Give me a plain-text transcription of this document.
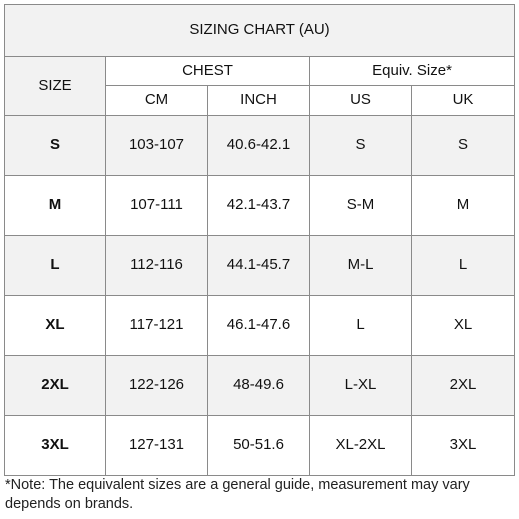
SIZING CHART (AU)				
SIZE	CHEST		Equiv. Size*	
	CM	INCH	US	UK
S	103-107	40.6-42.1	S	S
M	107-111	42.1-43.7	S-M	M
L	112-116	44.1-45.7	M-L	L
XL	117-121	46.1-47.6	L	XL
2XL	122-126	48-49.6	L-XL	2XL
3XL	127-131	50-51.6	XL-2XL	3XL
*Note: The equivalent sizes are a general guide, measurement may vary depends on brands.
